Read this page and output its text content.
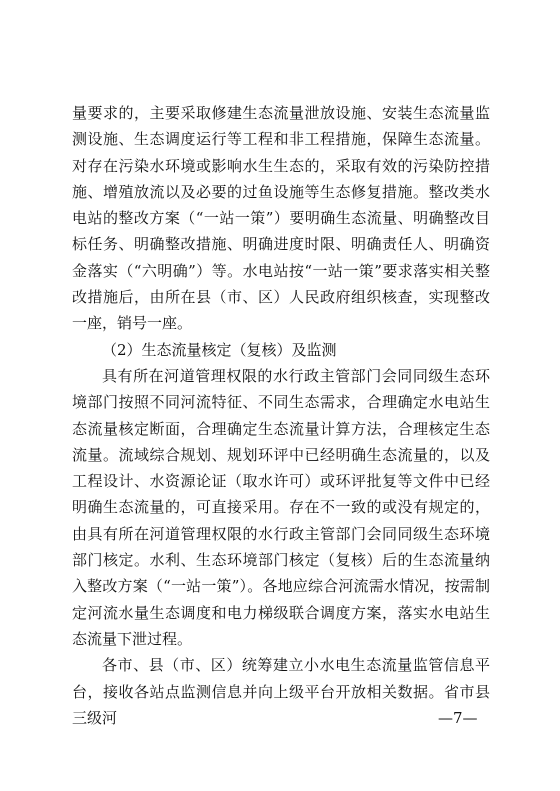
量要求的，主要采取修建生态流量泄放设施、安装生态流量监测设施、生态调度运行等工程和非工程措施，保障生态流量。对存在污染水环境或影响水生生态的，采取有效的污染防控措施、增殖放流以及必要的过鱼设施等生态修复措施。整改类水电站的整改方案（“一站一策”）要明确生态流量、明确整改目标任务、明确整改措施、明确进度时限、明确责任人、明确资金落实（“六明确”）等。水电站按“一站一策”要求落实相关整改措施后，由所在县（市、区）人民政府组织核查，实现整改一座，销号一座。

（2）生态流量核定（复核）及监测

具有所在河道管理权限的水行政主管部门会同同级生态环境部门按照不同河流特征、不同生态需求，合理确定水电站生态流量核定断面，合理确定生态流量计算方法，合理核定生态流量。流域综合规划、规划环评中已经明确生态流量的，以及工程设计、水资源论证（取水许可）或环评批复等文件中已经明确生态流量的，可直接采用。存在不一致的或没有规定的，由具有所在河道管理权限的水行政主管部门会同同级生态环境部门核定。水利、生态环境部门核定（复核）后的生态流量纳入整改方案（“一站一策”）。各地应综合河流需水情况，按需制定河流水量生态调度和电力梯级联合调度方案，落实水电站生态流量下泄过程。

各市、县（市、区）统筹建立小水电生态流量监管信息平台，接收各站点监测信息并向上级平台开放相关数据。省市县三级河	—7—
